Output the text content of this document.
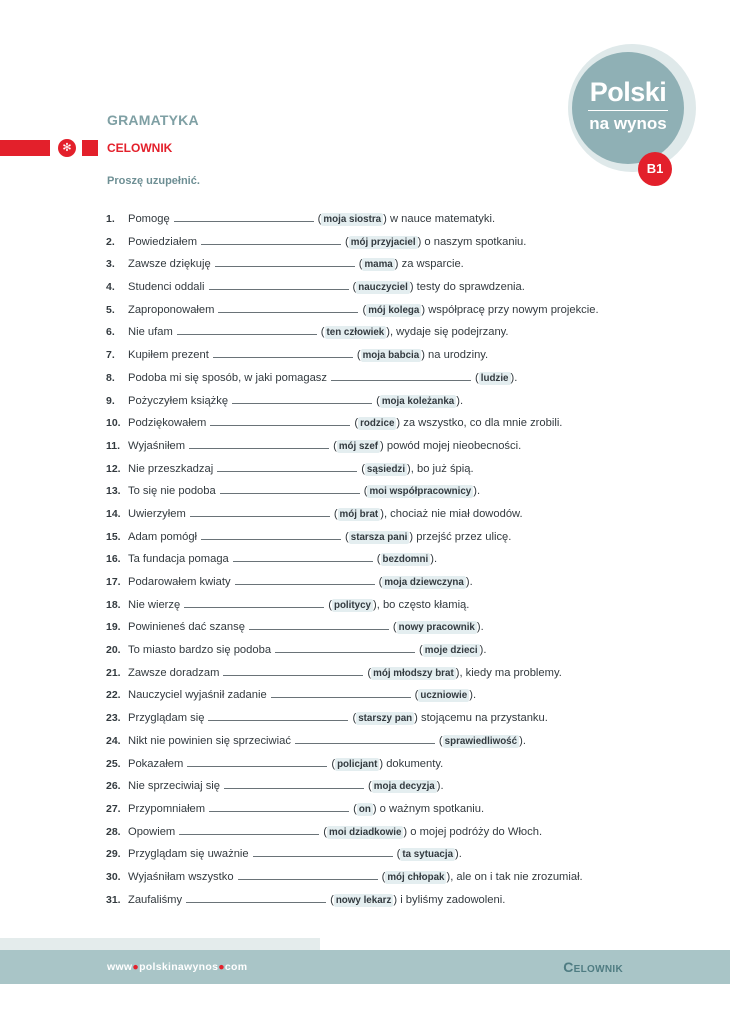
Polski
na wynos
B1
GRAMATYKA
✻	CELOWNIK
Proszę uzupełnić.
1.	Pomogę	( moja siostra ) w nauce matematyki.
2.	Powiedziałem	( mój przyjaciel ) o naszym spotkaniu.
3.	Zawsze dziękuję	( mama ) za wsparcie.
4.	Studenci oddali	( nauczyciel ) testy do sprawdzenia.
5.	Zaproponowałem	( mój kolega ) współpracę przy nowym projekcie.
6.	Nie ufam	( ten człowiek ), wydaje się podejrzany.
7.	Kupiłem prezent	( moja babcia ) na urodziny.
8.	Podoba mi się sposób, w jaki pomagasz	( ludzie ).
9.	Pożyczyłem książkę	( moja koleżanka ).
10. Podziękowałem	( rodzice ) za wszystko, co dla mnie zrobili.
11. Wyjaśniłem	( mój szef ) powód mojej nieobecności.
12. Nie przeszkadzaj	( sąsiedzi ), bo już śpią.
13. To się nie podoba	( moi współpracownicy ).
14. Uwierzyłem	( mój brat ), chociaż nie miał dowodów.
15. Adam pomógł	( starsza pani ) przejść przez ulicę.
16. Ta fundacja pomaga	( bezdomni ).
17. Podarowałem kwiaty	( moja dziewczyna ).
18. Nie wierzę	( politycy ), bo często kłamią.
19. Powinieneś dać szansę	( nowy pracownik ).
20. To miasto bardzo się podoba	( moje dzieci ).
21. Zawsze doradzam	( mój młodszy brat ), kiedy ma problemy.
22. Nauczyciel wyjaśnił zadanie	( uczniowie ).
23. Przyglądam się	( starszy pan ) stojącemu na przystanku.
24. Nikt nie powinien się sprzeciwiać	( sprawiedliwość ).
25. Pokazałem	( policjant ) dokumenty.
26. Nie sprzeciwiaj się	( moja decyzja ).
27. Przypomniałem	( on ) o ważnym spotkaniu.
28. Opowiem	( moi dziadkowie ) o mojej podróży do Włoch.
29. Przyglądam się uważnie	( ta sytuacja ).
30. Wyjaśniłam wszystko	( mój chłopak ), ale on i tak nie zrozumiał.
31. Zaufaliśmy	( nowy lekarz ) i byliśmy zadowoleni.
www●polskinawynos●com	Celownik
